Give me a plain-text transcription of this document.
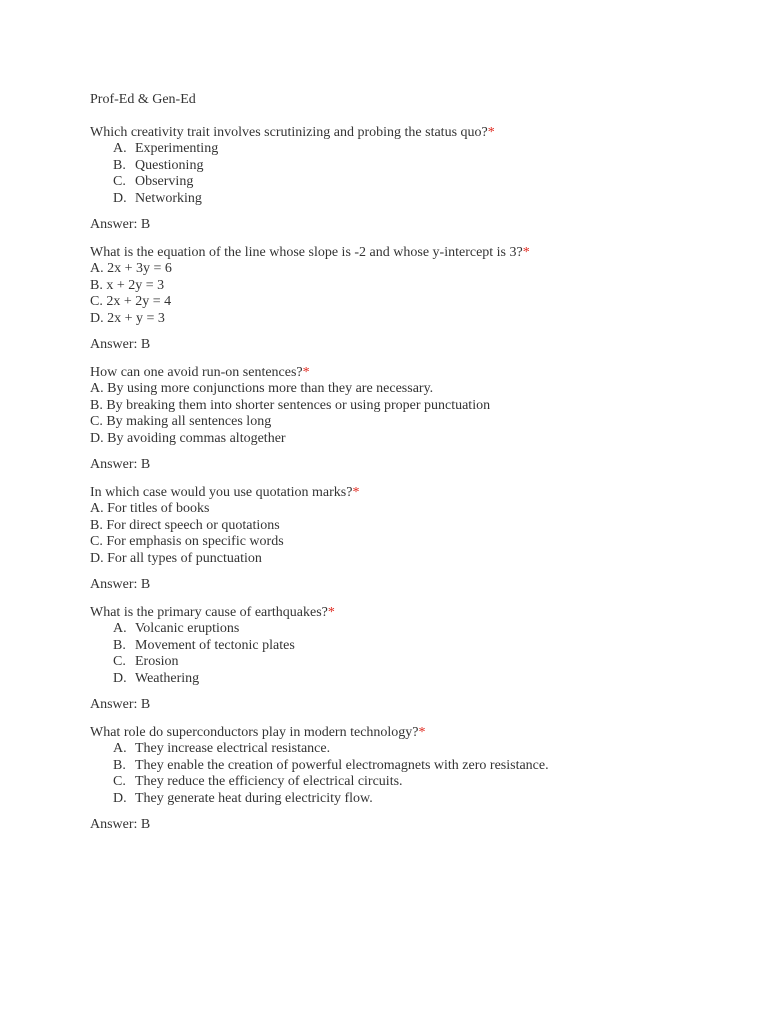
Prof-Ed & Gen-Ed
Which creativity trait involves scrutinizing and probing the status quo?*
A. Experimenting
B. Questioning
C. Observing
D. Networking
Answer: B
What is the equation of the line whose slope is -2 and whose y-intercept is 3?*
A. 2x + 3y = 6
B. x + 2y = 3
C. 2x + 2y = 4
D. 2x + y = 3
Answer: B
How can one avoid run-on sentences?*
A. By using more conjunctions more than they are necessary.
B. By breaking them into shorter sentences or using proper punctuation
C. By making all sentences long
D. By avoiding commas altogether
Answer: B
In which case would you use quotation marks?*
A. For titles of books
B. For direct speech or quotations
C. For emphasis on specific words
D. For all types of punctuation
Answer: B
What is the primary cause of earthquakes?*
A. Volcanic eruptions
B. Movement of tectonic plates
C. Erosion
D. Weathering
Answer: B
What role do superconductors play in modern technology?*
A. They increase electrical resistance.
B. They enable the creation of powerful electromagnets with zero resistance.
C. They reduce the efficiency of electrical circuits.
D. They generate heat during electricity flow.
Answer: B
